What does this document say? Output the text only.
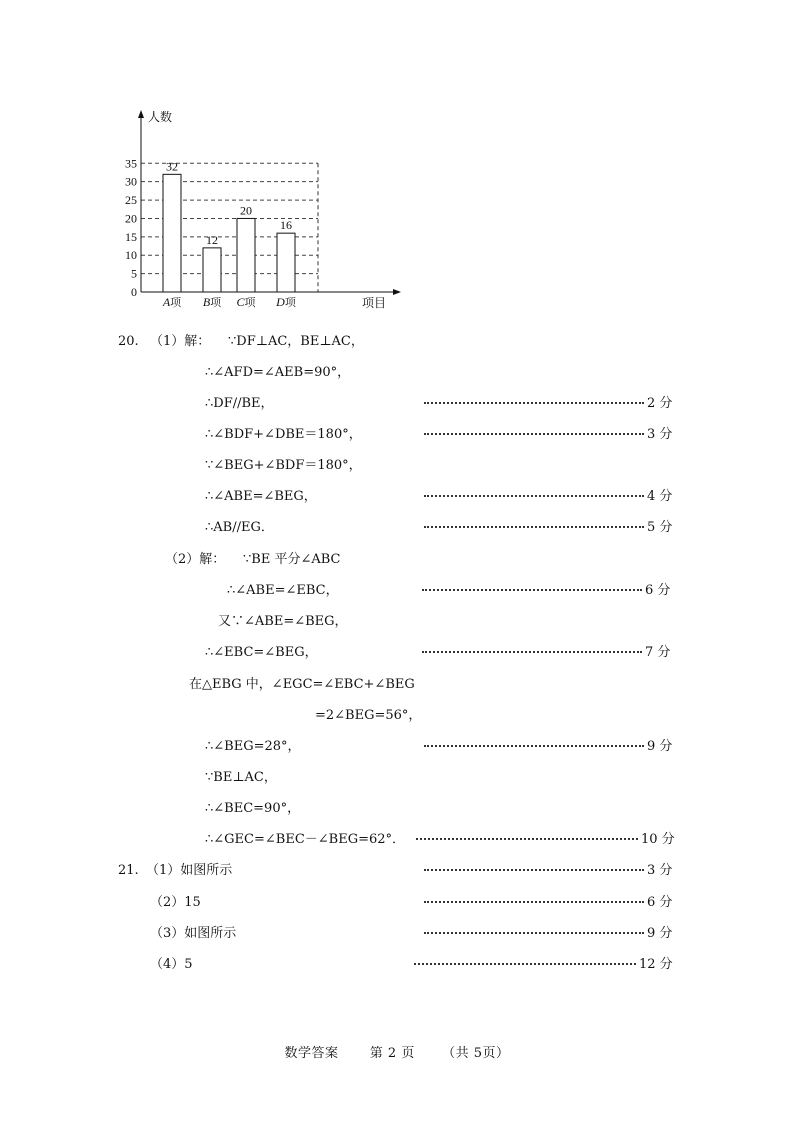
人数
项目
0
5
10
15
20
25
30
35 32
12
20
16
A项 B项 C项 D项
20. （1）解： ∵DF⊥AC，BE⊥AC，
∴∠AFD=∠AEB=90°，
∴DF//BE，
∴∠BDF+∠DBE＝180°，
∵∠BEG+∠BDF＝180°，
∴∠ABE=∠BEG，
∴AB//EG．
（2）解： ∵BE 平分∠ABC
∴∠ABE=∠EBC，
又∵∠ABE=∠BEG，
∴∠EBC=∠BEG，
在△EBG 中，∠EGC=∠EBC+∠BEG
=2∠BEG=56°，
∴∠BEG=28°，
∵BE⊥AC，
∴∠BEC=90°，
∴∠GEC=∠BEC－∠BEG=62°．
2 分
3 分
4 分
5 分
6 分
7 分
9 分
10 分
21. （1）如图所示
（2）15
（3）如图所示
（4）5
3 分
6 分
9 分
12 分
数学答案 第 2 页 （共 5页）
